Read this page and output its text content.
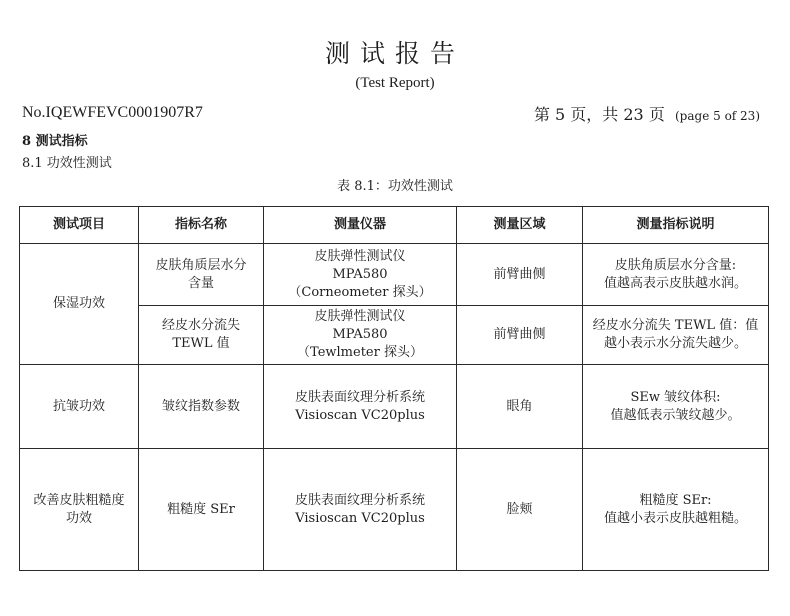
测试报告
(Test Report)
No.IQEWFEVC0001907R7	第 5 页，共 23 页 (page 5 of 23)
8 测试指标
8.1 功效性测试
表 8.1：功效性测试
测试项目	指标名称	测量仪器	测量区域	测量指标说明
保湿功效	皮肤角质层水分
含量	皮肤弹性测试仪
MPA580
（Corneometer 探头）	前臂曲侧	皮肤角质层水分含量:
值越高表示皮肤越水润。

	经皮水分流失
TEWL 值	皮肤弹性测试仪
MPA580
（Tewlmeter 探头）	前臂曲侧	经皮水分流失 TEWL 值：值
越小表示水分流失越少。

抗皱功效	皱纹指数参数	皮肤表面纹理分析系统
Visioscan VC20plus	眼角	SEw 皱纹体积:
值越低表示皱纹越少。

改善皮肤粗糙度
功效	粗糙度 SEr	皮肤表面纹理分析系统
Visioscan VC20plus	脸颊	粗糙度 SEr:
值越小表示皮肤越粗糙。
